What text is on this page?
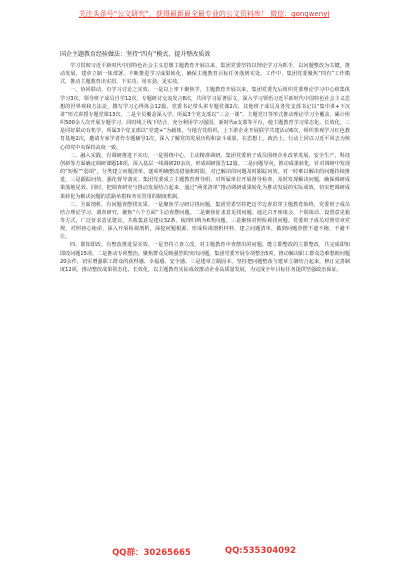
关注头条号“公文研究”，获得最新最全最专业的公文资料库！ 微信：gongwenyj
国企主题教育经验做法：坚持“四有”模式，提升整改质效

学习贯彻习近平新时代中国特色社会主义思想主题教育开展以来，集团党委坚持以理论学习为抓手，以问题整改为关键，推动发展，建章立制一体部署，不断推进学习成果转化，确保主题教育目标任务落到实处。工作中，集团党委聚焦“四有”工作模式，推动主题教育出实招、下实功、用实劲、见实效。

一、协同联动，有学习讨论之实效。一是以上率下聚焦学。主题教育开展以来，集团党委先后组织党委理论学习中心组集体学习3次，领导班子成员自学12次，专题研讨交流发言8次，共同学习原著原文，深入学习领悟习近平新时代中国特色社会主义思想的世界观和方法论，撰写学习心得体会12篇，党委书记带头讲专题党课2次，其他班子成员及各党支部书记以“集中讲+下沉讲”形式讲授专题党课13次。二是全员覆盖深入学。所属3个党支部以“三会一课”、主题党日等形式推动理论学习全覆盖，累计组织500余人次开展专题学习，同时线上线下结合，充分利用学习强国、新时代e支部等平台，使主题教育学习常态化、长效化。三是同好联动有机学。所属3个党支部以“党建+”为载体，与地方党组织、上下游企业开展联学共建活动6次，组织参观学习红色教育基地2次，邀请专家学者作专题辅导1次，深入了解党的发展历程和奋斗成果，在思想上、政治上、行动上同以习近平同志为核心的党中央保持高度一致。

二、融入实践，有调研推进下实功。一是围绕中心，主动精准调研。集团党委班子成员围绕企业改革发展、安全生产、科技创新等方面确定调研课题16项，深入基层一线调研20余次，形成调研报告12篇。二是问题导向，推动成果转化。针对调研中发现的“短板”“弱项”，分类建立问题清单，逐项明确整改措施和时限，对已解决的问题及时跟踪问效，对一时难以解决的问题持续推进。三是跟踪问效，强化督导落实。集团党委成立主题教育督导组，对所属单位开展督导检查，及时发现解决问题，确保调研成果落地见效。同时，把调查研究与推动发展结合起来，通过“两张清单”推动调研成果转化为推动发展的实际成效，切实把调研成果转化为解决问题的思路举措和务实管用的制度机制。

三、全面剖析，有问题查摆找实果。一是聚焦学习研讨找问题。集团党委坚持把边学边查贯穿主题教育始终，党委班子成员结合理论学习、调查研究，聚焦“六个方面”主动查摆问题。二是聚焦征求意见找问题。通过召开座谈会、个别谈话、设置意见箱等方式，广泛征求意见建议，共收集意见建议32条，梳理归纳为6类问题。三是聚焦对照检视找问题。党委班子成员对照党章党规，对照初心使命，深入开展检视剖析，深挖问题根源，形成检视剖析材料，建立问题清单，做到问题查摆不遮不掩、不避不让。

四、即知即改，有整改推进显实效。一是坚持立查立改。对主题教育中查摆出的问题，能立即整改的立即整改，共完成即知即改问题15项。二是推动专项整治。聚焦群众反映强烈的突出问题，集团党委开展专项整治5项，推动解决职工群众急难愁盼问题20余件，切实增强职工群众的获得感、幸福感、安全感。三是建章立制固本。坚持把问题整改与建章立制结合起来，修订完善制度12项，推动整改成果常态化、长效化，以主题教育实际成效推动企业高质量发展，为完成全年目标任务提供坚强政治保证。

QQ群：30265665	QQ:535304092
